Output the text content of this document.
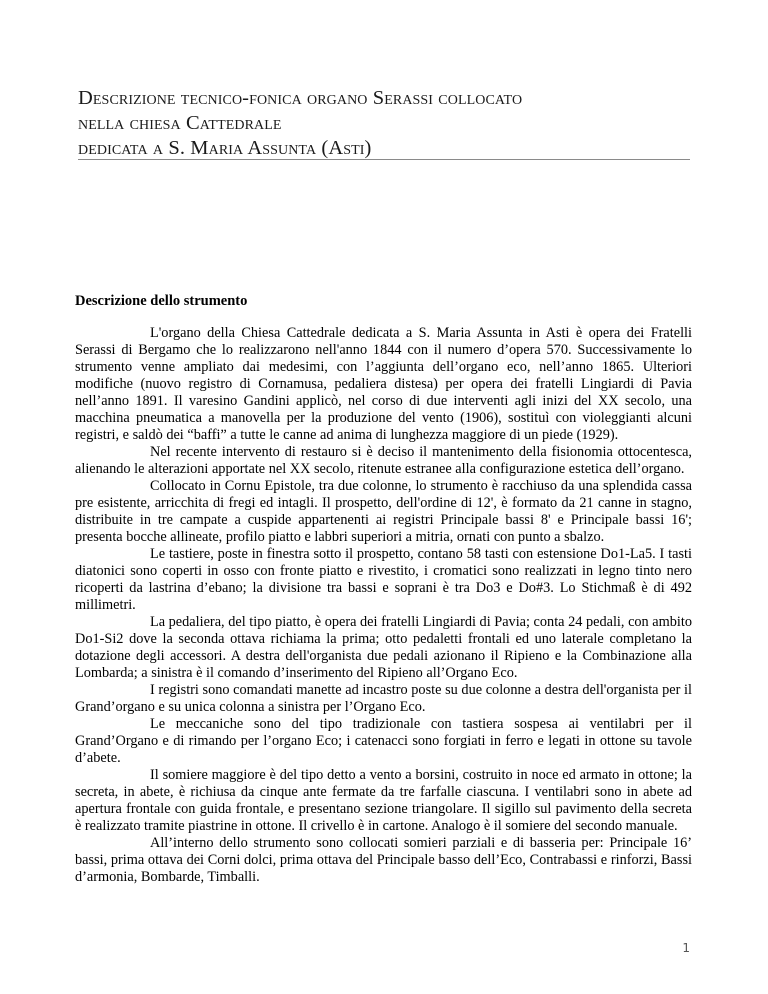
Descrizione tecnico-fonica organo Serassi collocato
nella chiesa Cattedrale
dedicata a S. Maria Assunta (Asti)
Descrizione dello strumento

L'organo della Chiesa Cattedrale dedicata a S. Maria Assunta in Asti è opera dei Fratelli Serassi di Bergamo che lo realizzarono nell'anno 1844 con il numero d’opera 570. Successivamente lo strumento venne ampliato dai medesimi, con l’aggiunta dell’organo eco, nell’anno 1865. Ulteriori modifiche (nuovo registro di Cornamusa, pedaliera distesa) per opera dei fratelli Lingiardi di Pavia nell’anno 1891. Il varesino Gandini applicò, nel corso di due interventi agli inizi del XX secolo, una macchina pneumatica a manovella per la produzione del vento (1906), sostituì con violeggianti alcuni registri, e saldò dei “baffi” a tutte le canne ad anima di lunghezza maggiore di un piede (1929).

Nel recente intervento di restauro si è deciso il mantenimento della fisionomia ottocentesca, alienando le alterazioni apportate nel XX secolo, ritenute estranee alla configurazione estetica dell’organo.

Collocato in Cornu Epistole, tra due colonne, lo strumento è racchiuso da una splendida cassa pre esistente, arricchita di fregi ed intagli. Il prospetto, dell'ordine di 12', è formato da 21 canne in stagno, distribuite in tre campate a cuspide appartenenti ai registri Principale bassi 8' e Principale bassi 16'; presenta bocche allineate, profilo piatto e labbri superiori a mitria, ornati con punto a sbalzo.

Le tastiere, poste in finestra sotto il prospetto, contano 58 tasti con estensione Do1-La5. I tasti diatonici sono coperti in osso con fronte piatto e rivestito, i cromatici sono realizzati in legno tinto nero ricoperti da lastrina d’ebano; la divisione tra bassi e soprani è tra Do3 e Do#3. Lo Stichmaß è di 492 millimetri.

La pedaliera, del tipo piatto, è opera dei fratelli Lingiardi di Pavia; conta 24 pedali, con ambito Do1-Si2 dove la seconda ottava richiama la prima; otto pedaletti frontali ed uno laterale completano la dotazione degli accessori. A destra dell'organista due pedali azionano il Ripieno e la Combinazione alla Lombarda; a sinistra è il comando d’inserimento del Ripieno all’Organo Eco.

I registri sono comandati manette ad incastro poste su due colonne a destra dell'organista per il Grand’organo e su unica colonna a sinistra per l’Organo Eco.

Le meccaniche sono del tipo tradizionale con tastiera sospesa ai ventilabri per il Grand’Organo e di rimando per l’organo Eco; i catenacci sono forgiati in ferro e legati in ottone su tavole d’abete.

Il somiere maggiore è del tipo detto a vento a borsini, costruito in noce ed armato in ottone; la secreta, in abete, è richiusa da cinque ante fermate da tre farfalle ciascuna. I ventilabri sono in abete ad apertura frontale con guida frontale, e presentano sezione triangolare. Il sigillo sul pavimento della secreta è realizzato tramite piastrine in ottone. Il crivello è in cartone. Analogo è il somiere del secondo manuale.

All’interno dello strumento sono collocati somieri parziali e di basseria per: Principale 16’ bassi, prima ottava dei Corni dolci, prima ottava del Principale basso dell’Eco, Contrabassi e rinforzi, Bassi d’armonia, Bombarde, Timballi.

1
